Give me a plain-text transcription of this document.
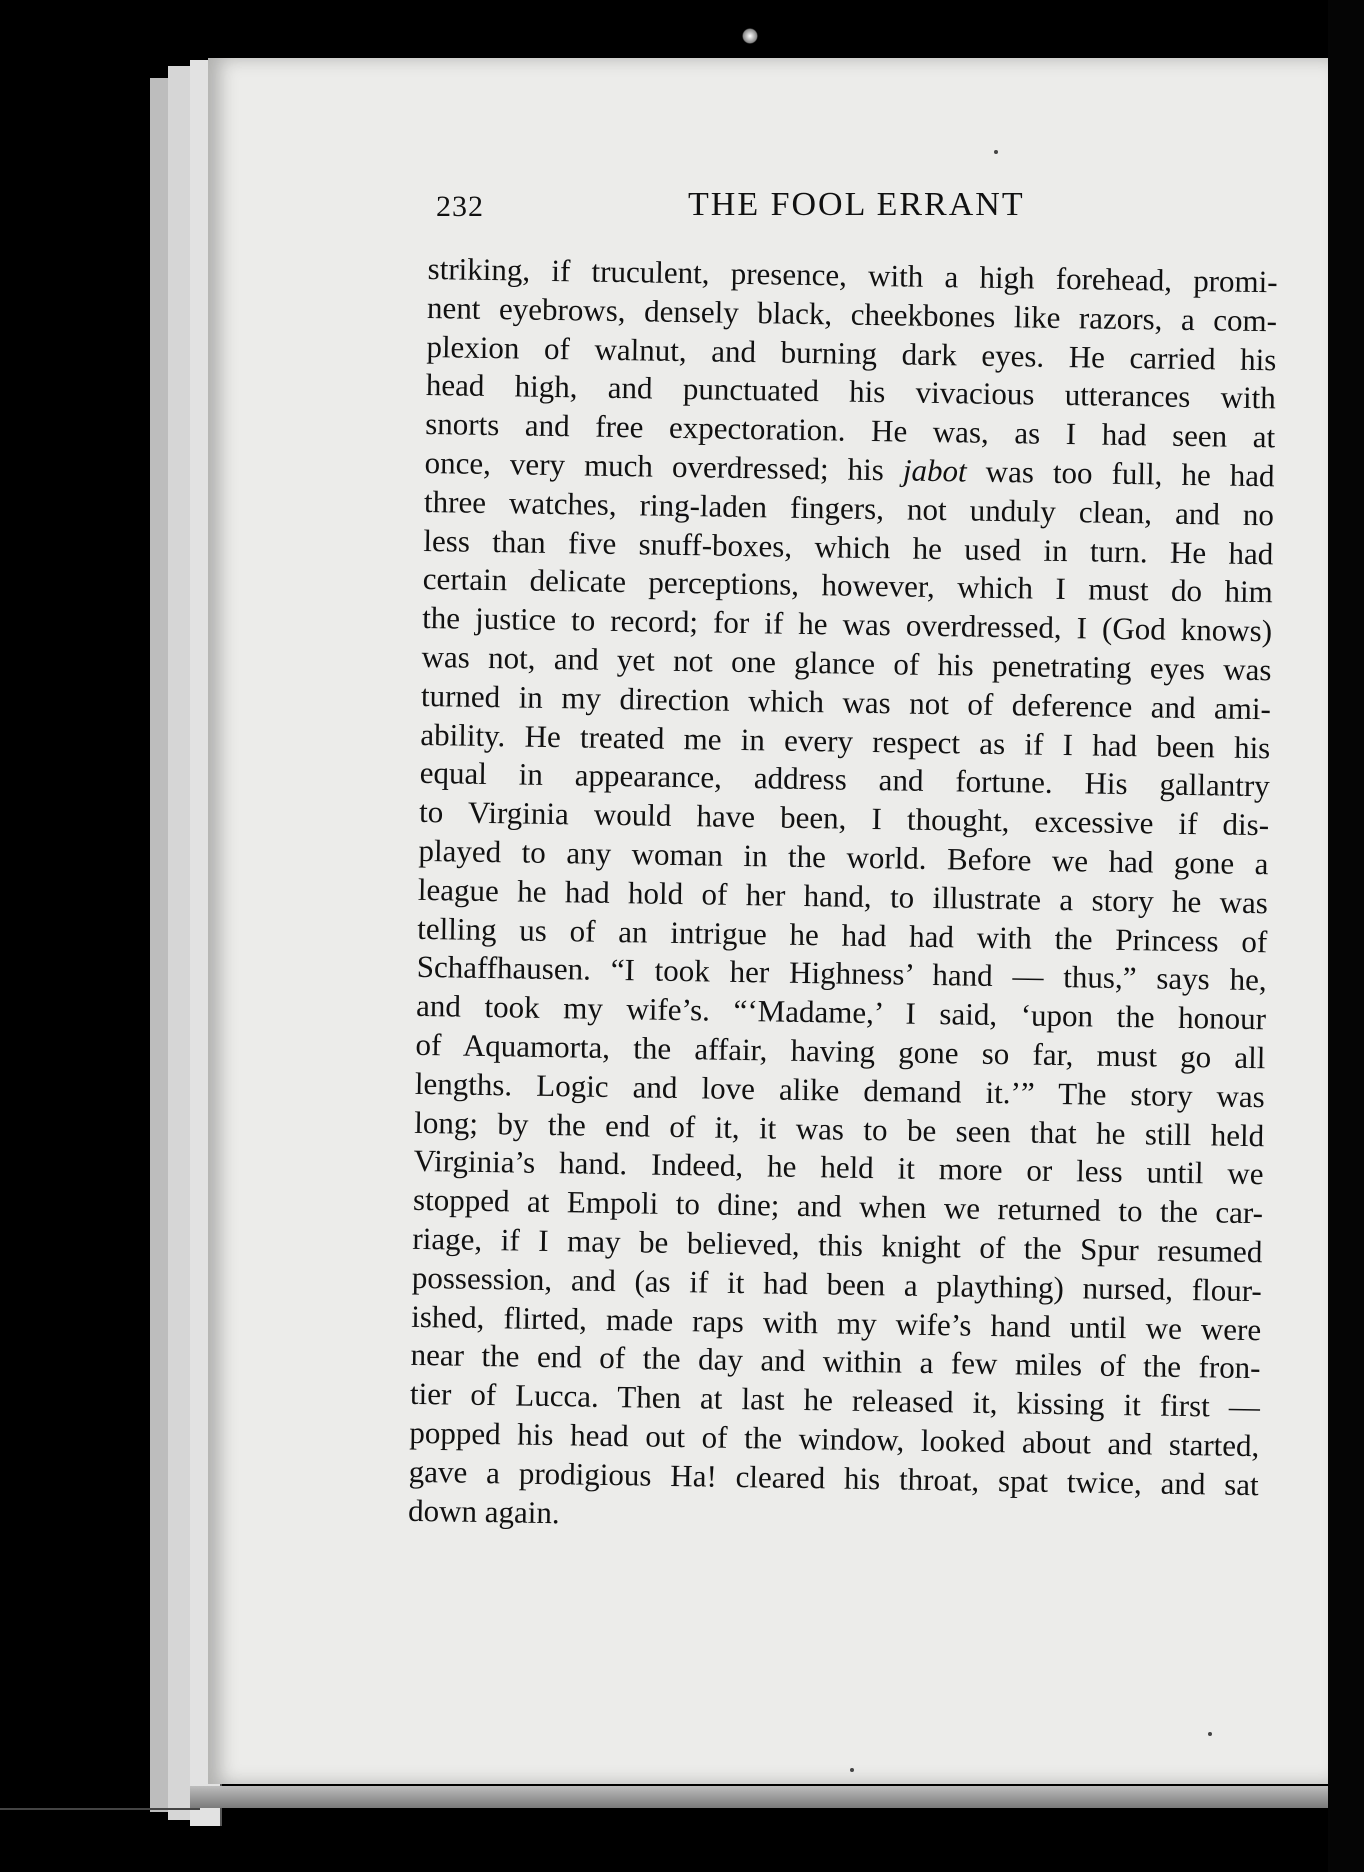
232	THE FOOL ERRANT
striking, if truculent, presence, with a high forehead, promi-
nent eyebrows, densely black, cheekbones like razors, a com-
plexion of walnut, and burning dark eyes. He carried his
head high, and punctuated his vivacious utterances with
snorts and free expectoration. He was, as I had seen at
once, very much overdressed; his jabot was too full, he had
three watches, ring-laden fingers, not unduly clean, and no
less than five snuff-boxes, which he used in turn. He had
certain delicate perceptions, however, which I must do him
the justice to record; for if he was overdressed, I (God knows)
was not, and yet not one glance of his penetrating eyes was
turned in my direction which was not of deference and ami-
ability. He treated me in every respect as if I had been his
equal in appearance, address and fortune. His gallantry
to Virginia would have been, I thought, excessive if dis-
played to any woman in the world. Before we had gone a
league he had hold of her hand, to illustrate a story he was
telling us of an intrigue he had had with the Princess of
Schaffhausen. “I took her Highness’ hand — thus,” says he,
and took my wife’s. “‘Madame,’ I said, ‘upon the honour
of Aquamorta, the affair, having gone so far, must go all
lengths. Logic and love alike demand it.’” The story was
long; by the end of it, it was to be seen that he still held
Virginia’s hand. Indeed, he held it more or less until we
stopped at Empoli to dine; and when we returned to the car-
riage, if I may be believed, this knight of the Spur resumed
possession, and (as if it had been a plaything) nursed, flour-
ished, flirted, made raps with my wife’s hand until we were
near the end of the day and within a few miles of the fron-
tier of Lucca. Then at last he released it, kissing it first —
popped his head out of the window, looked about and started,
gave a prodigious Ha! cleared his throat, spat twice, and sat
down again.
